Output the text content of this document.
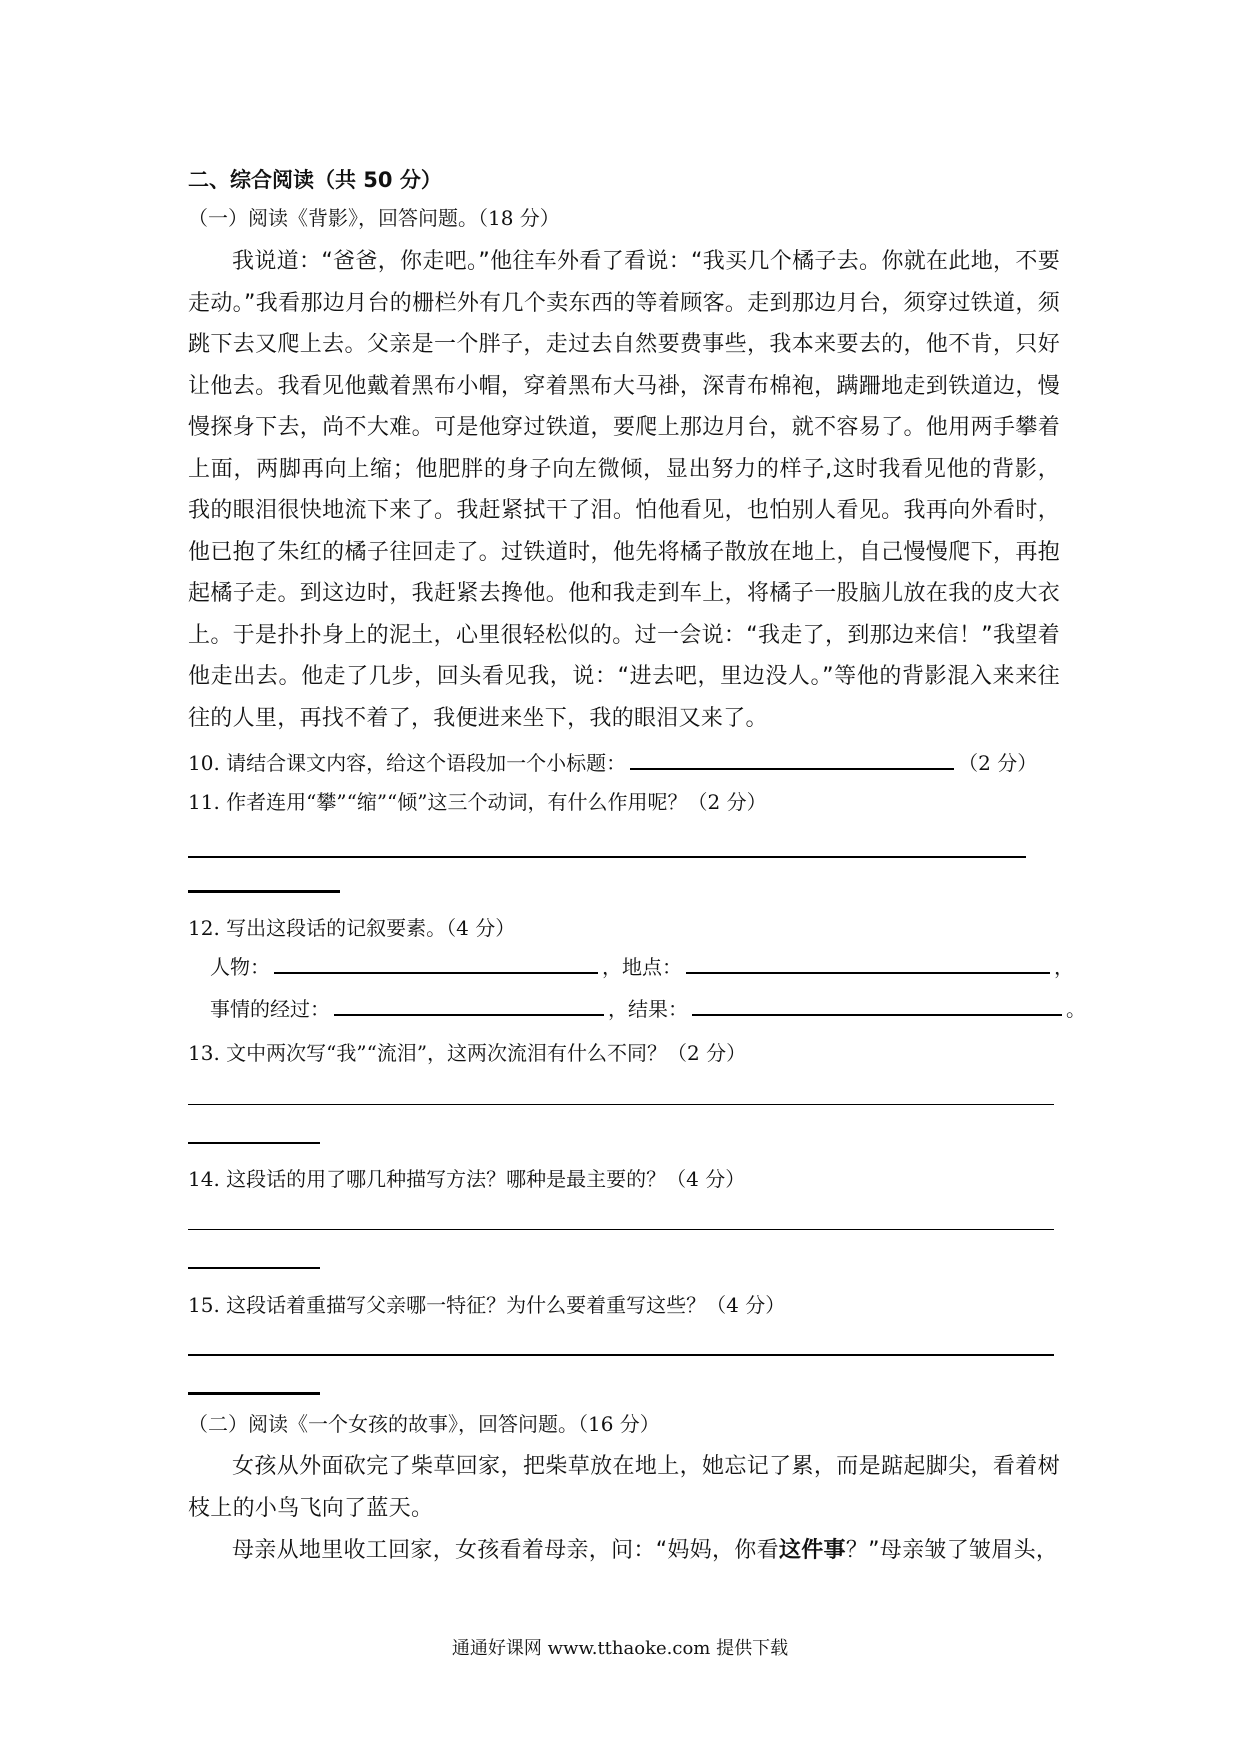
二、综合阅读（共 50 分）
（一）阅读《背影》，回答问题。（18 分）

我说道：“爸爸，你走吧。”他往车外看了看说：“我买几个橘子去。你就在此地，不要走动。”我看那边月台的栅栏外有几个卖东西的等着顾客。走到那边月台，须穿过铁道，须跳下去又爬上去。父亲是一个胖子，走过去自然要费事些，我本来要去的，他不肯，只好让他去。我看见他戴着黑布小帽，穿着黑布大马褂，深青布棉袍，蹒跚地走到铁道边，慢慢探身下去，尚不大难。可是他穿过铁道，要爬上那边月台，就不容易了。他用两手攀着上面，两脚再向上缩；他肥胖的身子向左微倾，显出努力的样子,这时我看见他的背影，我的眼泪很快地流下来了。我赶紧拭干了泪。怕他看见，也怕别人看见。我再向外看时，他已抱了朱红的橘子往回走了。过铁道时，他先将橘子散放在地上，自己慢慢爬下，再抱起橘子走。到这边时，我赶紧去搀他。他和我走到车上，将橘子一股脑儿放在我的皮大衣上。于是扑扑身上的泥土，心里很轻松似的。过一会说：“我走了，到那边来信！”我望着他走出去。他走了几步，回头看见我，说：“进去吧，里边没人。”等他的背影混入来来往往的人里，再找不着了，我便进来坐下，我的眼泪又来了。

10. 请结合课文内容，给这个语段加一个小标题：	（2 分）
11. 作者连用“攀”“缩”“倾”这三个动词，有什么作用呢？（2 分）
12. 写出这段话的记叙要素。（4 分）
人物：	，地点：	，
事情的经过：	，结果：	。
13. 文中两次写“我”“流泪”，这两次流泪有什么不同？（2 分）
14. 这段话的用了哪几种描写方法？哪种是最主要的？（4 分）
15. 这段话着重描写父亲哪一特征？为什么要着重写这些？（4 分）
（二）阅读《一个女孩的故事》，回答问题。（16 分）

女孩从外面砍完了柴草回家，把柴草放在地上，她忘记了累，而是踮起脚尖，看着树枝上的小鸟飞向了蓝天。

母亲从地里收工回家，女孩看着母亲，问：“妈妈，你看这件事？”母亲皱了皱眉头，

通通好课网 www.tthaoke.com 提供下载
